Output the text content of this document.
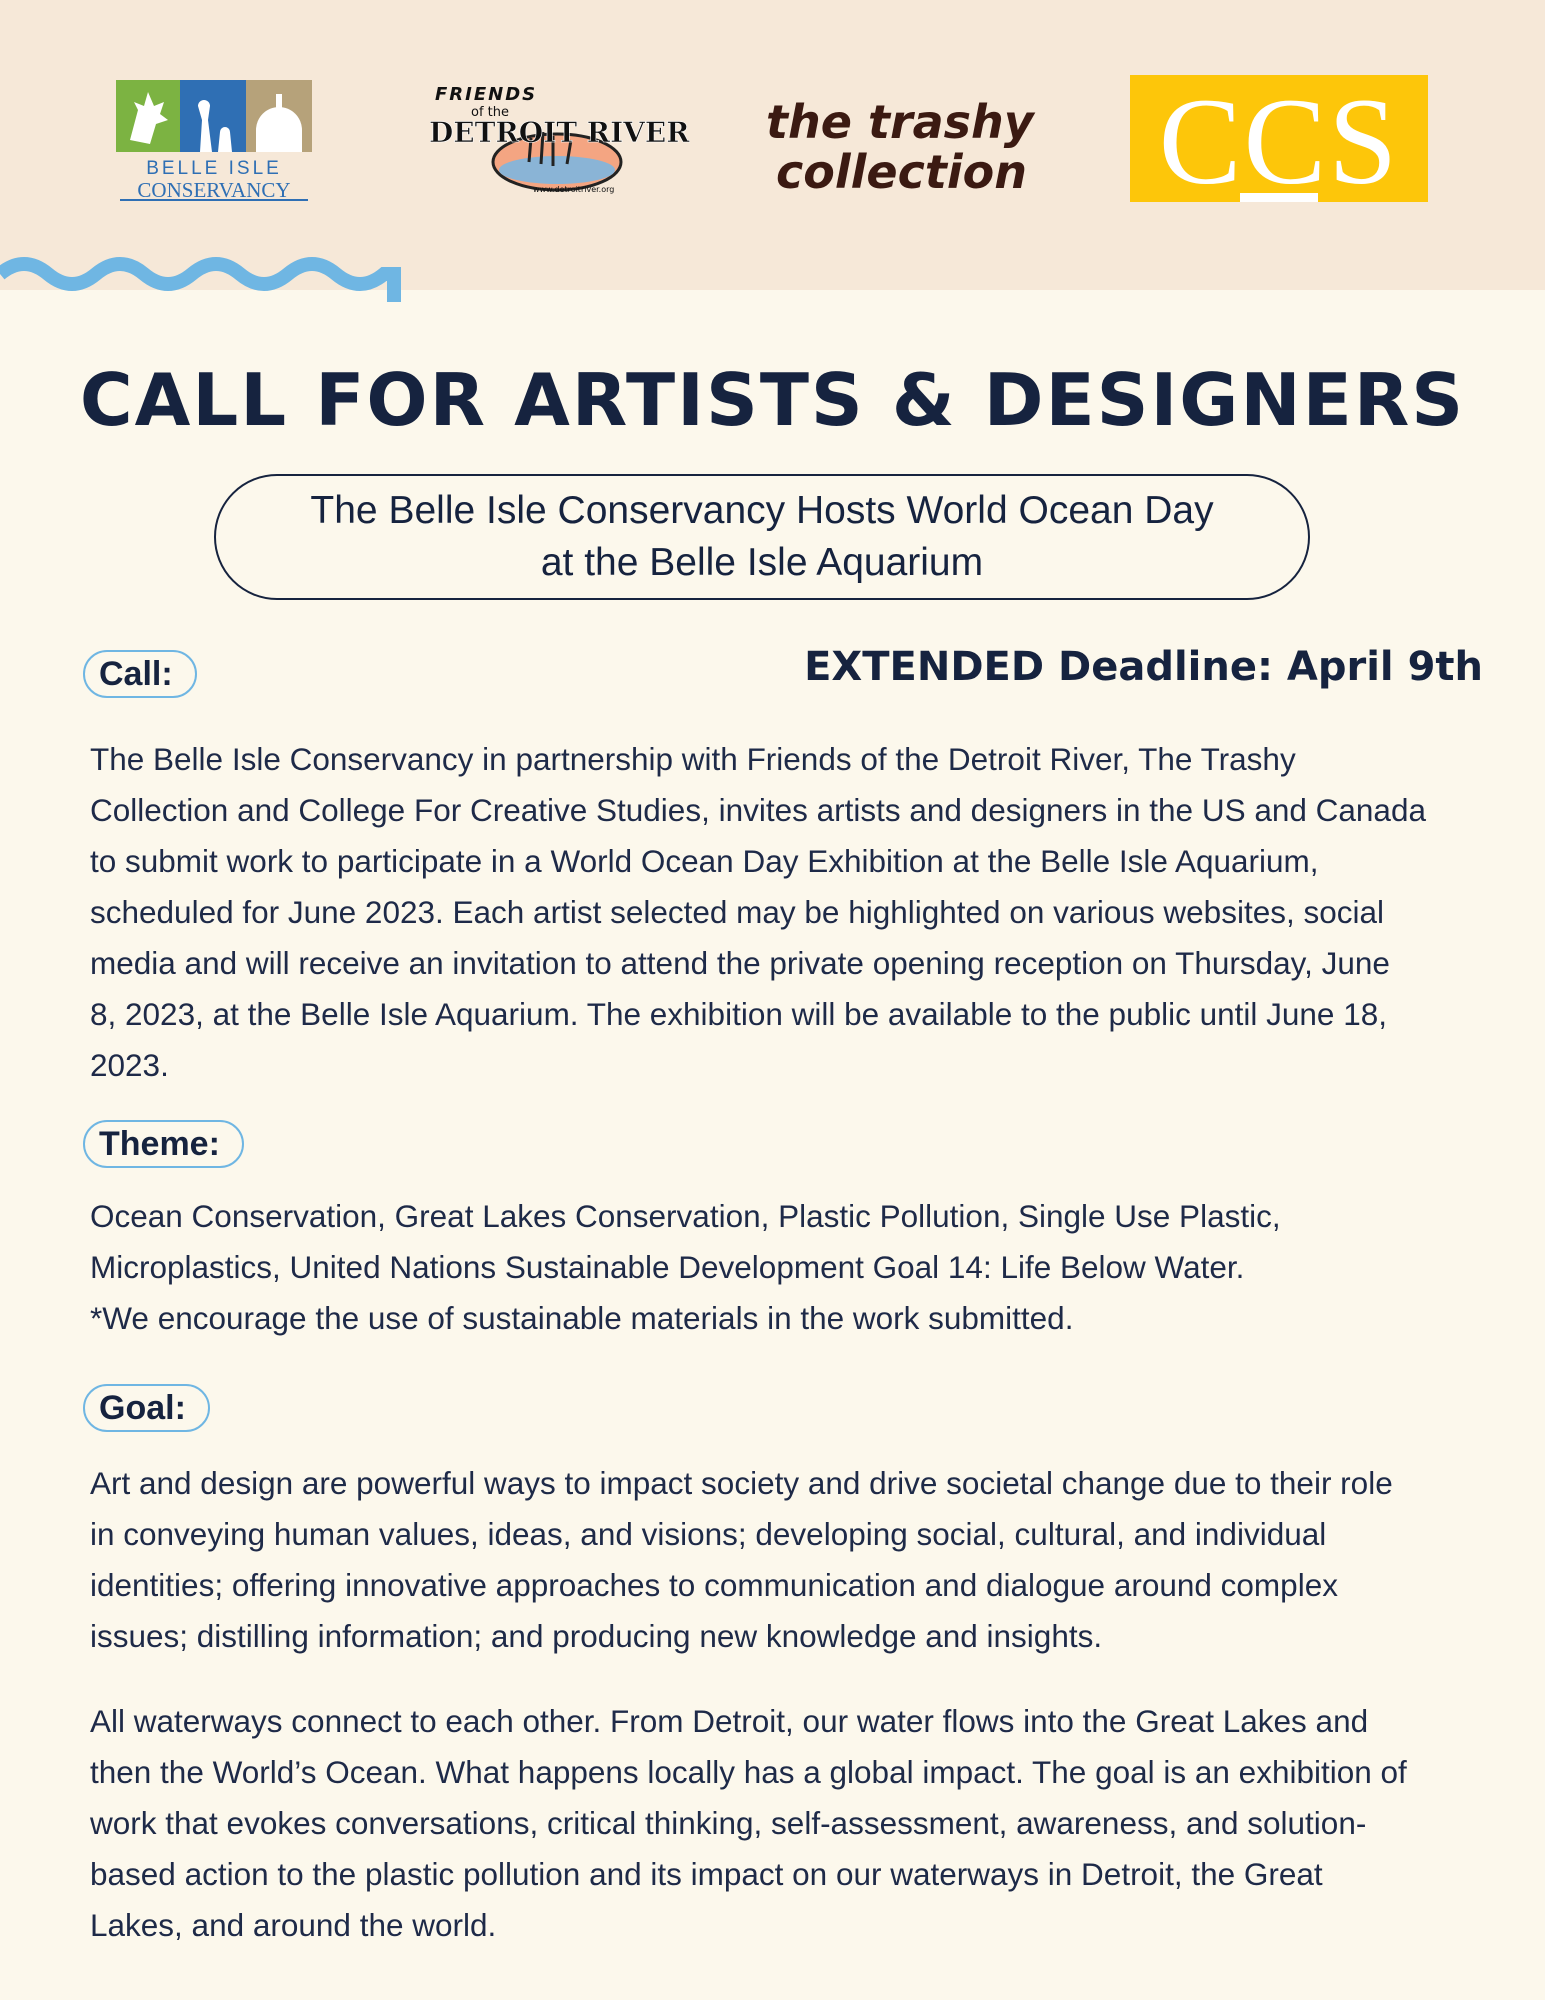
BELLE ISLE
CONSERVANCY
FRIENDS
of the
DETROIT RIVER
www.detroitriver.org
the trashy
collection CCS
CALL FOR ARTISTS & DESIGNERS
The Belle Isle Conservancy Hosts World Ocean Day
at the Belle Isle Aquarium
Call:	EXTENDED Deadline: April 9th
The Belle Isle Conservancy in partnership with Friends of the Detroit River, The Trashy
Collection and College For Creative Studies, invites artists and designers in the US and Canada
to submit work to participate in a World Ocean Day Exhibition at the Belle Isle Aquarium,
scheduled for June 2023. Each artist selected may be highlighted on various websites, social
media and will receive an invitation to attend the private opening reception on Thursday, June
8, 2023, at the Belle Isle Aquarium. The exhibition will be available to the public until June 18,
2023.
Theme:
Ocean Conservation, Great Lakes Conservation, Plastic Pollution, Single Use Plastic,
Microplastics, United Nations Sustainable Development Goal 14: Life Below Water.
*We encourage the use of sustainable materials in the work submitted.
Goal:
Art and design are powerful ways to impact society and drive societal change due to their role
in conveying human values, ideas, and visions; developing social, cultural, and individual
identities; offering innovative approaches to communication and dialogue around complex
issues; distilling information; and producing new knowledge and insights.
All waterways connect to each other. From Detroit, our water flows into the Great Lakes and
then the World’s Ocean. What happens locally has a global impact. The goal is an exhibition of
work that evokes conversations, critical thinking, self-assessment, awareness, and solution-
based action to the plastic pollution and its impact on our waterways in Detroit, the Great
Lakes, and around the world.
